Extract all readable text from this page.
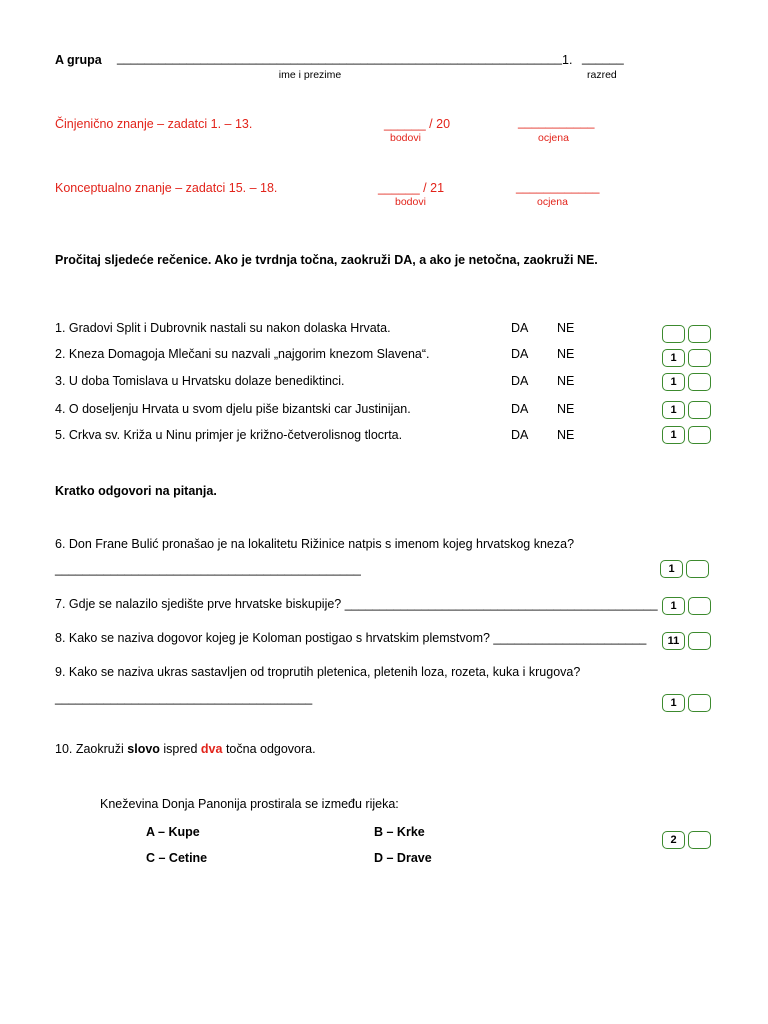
A grupa ________________________________________________________________
ime i prezime
1. ______
razred
Činjenično znanje – zadatci 1. – 13.	______ / 20
bodovi
___________
ocjena
Konceptualno znanje – zadatci 15. – 18.	______ / 21
bodovi
____________
ocjena
Pročitaj sljedeće rečenice. Ako je tvrdnja točna, zaokruži DA, a ako je netočna, zaokruži NE.
1. Gradovi Split i Dubrovnik nastali su nakon dolaska Hrvata.	DA NE
2. Kneza Domagoja Mlečani su nazvali „najgorim knezom Slavena“.	DA NE	1
3. U doba Tomislava u Hrvatsku dolaze benediktinci.	DA NE	1
4. O doseljenju Hrvata u svom djelu piše bizantski car Justinijan.	DA NE	1
5. Crkva sv. Križa u Ninu primjer je križno-četverolisnog tlocrta.	DA NE	1
Kratko odgovori na pitanja.
6. Don Frane Bulić pronašao je na lokalitetu Rižinice natpis s imenom kojeg hrvatskog kneza?
____________________________________________	1
7. Gdje se nalazilo sjedište prve hrvatske biskupije? _____________________________________________	1
8. Kako se naziva dogovor kojeg je Koloman postigao s hrvatskim plemstvom? ______________________	11
9. Kako se naziva ukras sastavljen od troprutih pletenica, pletenih loza, rozeta, kuka i krugova?
_____________________________________	1
10. Zaokruži slovo ispred dva točna odgovora.
Kneževina Donja Panonija prostirala se između rijeka:
A – Kupe	B – Krke
C – Cetine	D – Drave
2
